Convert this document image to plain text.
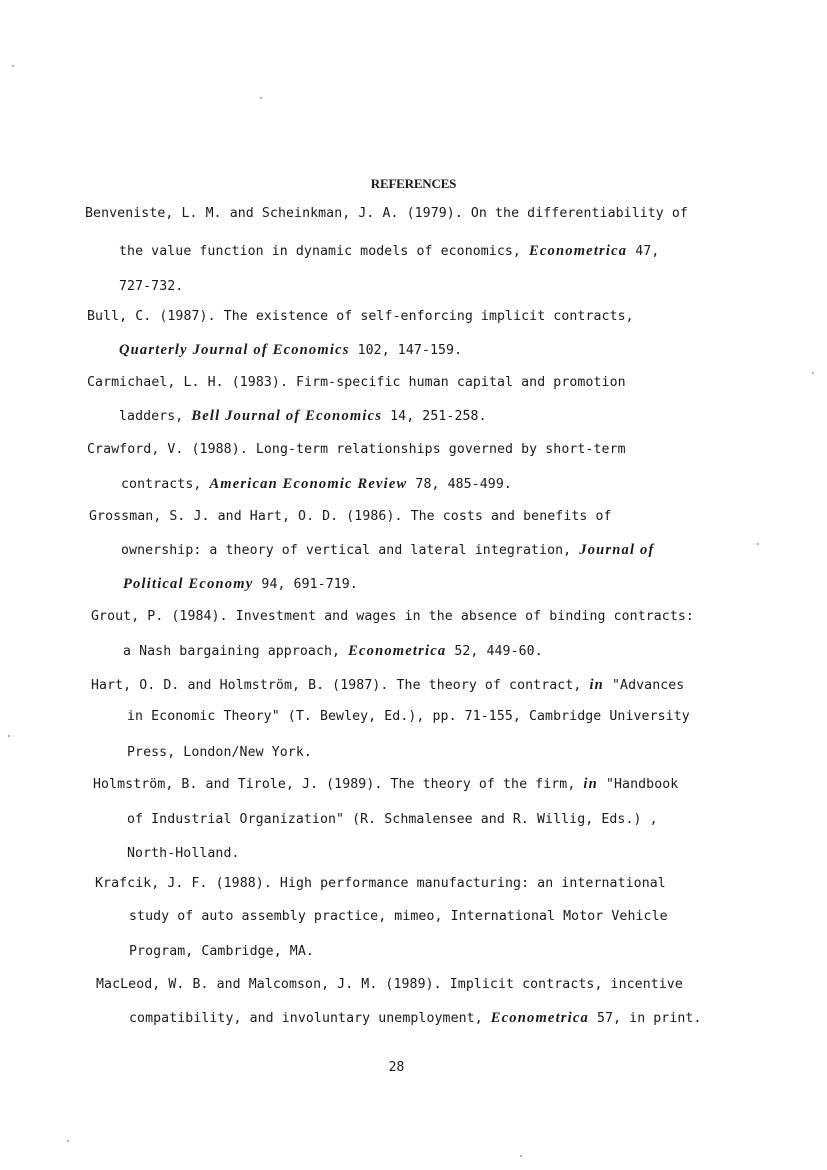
REFERENCES
Benveniste, L. M. and Scheinkman, J. A. (1979). On the differentiability of
the value function in dynamic models of economics, Econometrica 47,
727-732.
Bull, C. (1987). The existence of self-enforcing implicit contracts,
Quarterly Journal of Economics 102, 147-159.
Carmichael, L. H. (1983). Firm-specific human capital and promotion
ladders, Bell Journal of Economics 14, 251-258.
Crawford, V. (1988). Long-term relationships governed by short-term
contracts, American Economic Review 78, 485-499.
Grossman, S. J. and Hart, O. D. (1986). The costs and benefits of
ownership: a theory of vertical and lateral integration, Journal of
Political Economy 94, 691-719.
Grout, P. (1984). Investment and wages in the absence of binding contracts:
a Nash bargaining approach, Econometrica 52, 449-60.
Hart, O. D. and Holmström, B. (1987). The theory of contract, in "Advances
in Economic Theory" (T. Bewley, Ed.), pp. 71-155, Cambridge University
Press, London/New York.
Holmström, B. and Tirole, J. (1989). The theory of the firm, in "Handbook
of Industrial Organization" (R. Schmalensee and R. Willig, Eds.) ,
North-Holland.
Krafcik, J. F. (1988). High performance manufacturing: an international
study of auto assembly practice, mimeo, International Motor Vehicle
Program, Cambridge, MA.
MacLeod, W. B. and Malcomson, J. M. (1989). Implicit contracts, incentive
compatibility, and involuntary unemployment, Econometrica 57, in print.
28
